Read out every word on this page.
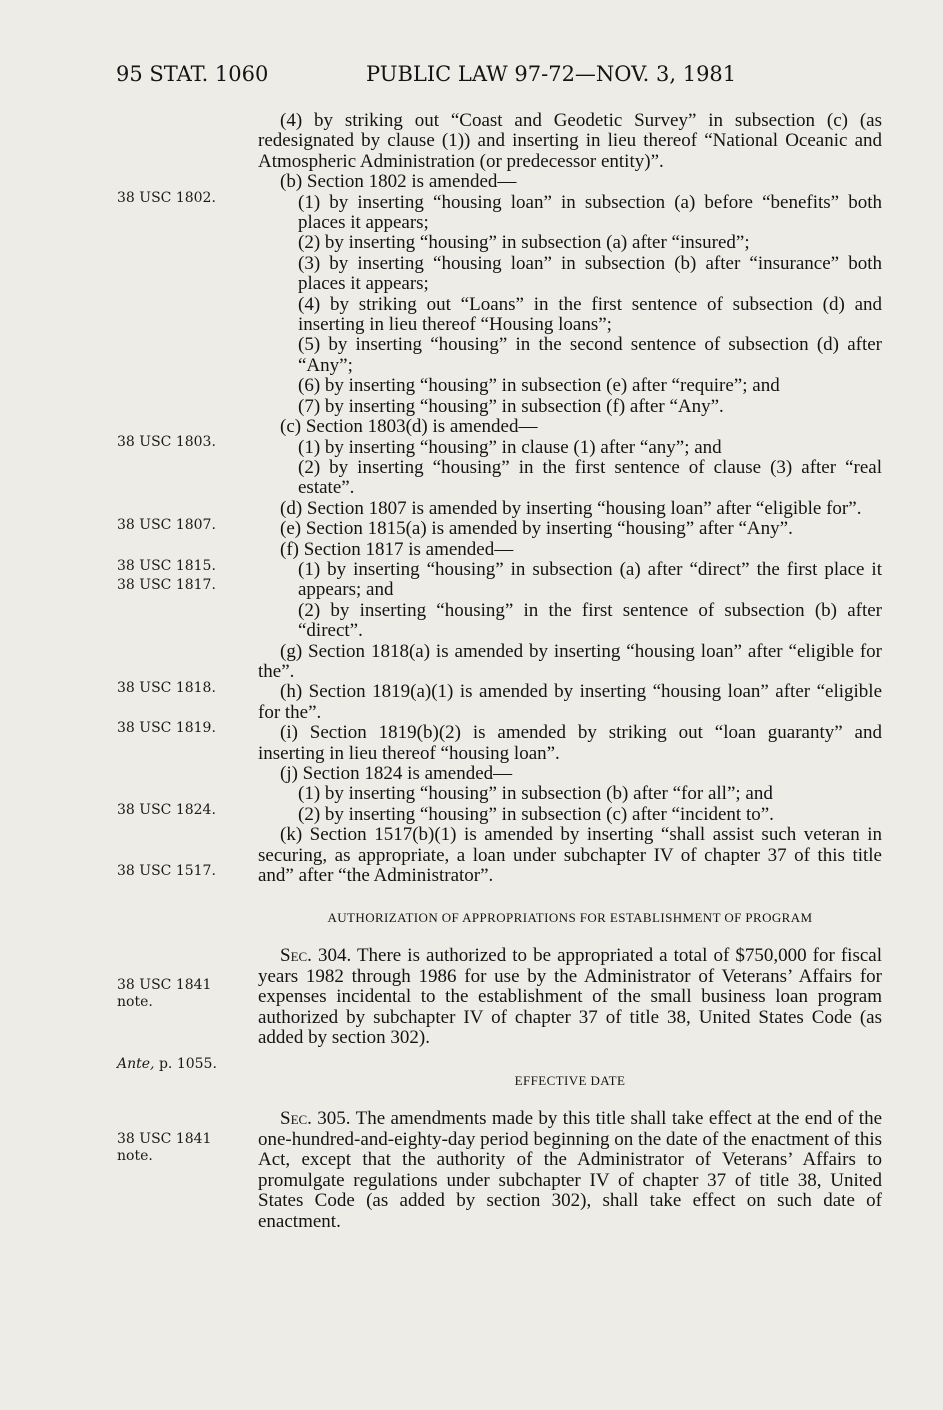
95 STAT. 1060	PUBLIC LAW 97-72—NOV. 3, 1981
38 USC 1802.
38 USC 1803.
38 USC 1807.
38 USC 1815.
38 USC 1817.
38 USC 1818.
38 USC 1819.
38 USC 1824.
38 USC 1517.
38 USC 1841
note.
Ante, p. 1055.
38 USC 1841
note.

(4) by striking out “Coast and Geodetic Survey” in subsection (c) (as redesignated by clause (1)) and inserting in lieu thereof “National Oceanic and Atmospheric Administration (or predecessor entity)”.

(b) Section 1802 is amended—

(1) by inserting “housing loan” in subsection (a) before “benefits” both places it appears;

(2) by inserting “housing” in subsection (a) after “insured”;

(3) by inserting “housing loan” in subsection (b) after “insurance” both places it appears;

(4) by striking out “Loans” in the first sentence of subsection (d) and inserting in lieu thereof “Housing loans”;

(5) by inserting “housing” in the second sentence of subsection (d) after “Any”;

(6) by inserting “housing” in subsection (e) after “require”; and

(7) by inserting “housing” in subsection (f) after “Any”.

(c) Section 1803(d) is amended—

(1) by inserting “housing” in clause (1) after “any”; and

(2) by inserting “housing” in the first sentence of clause (3) after “real estate”.

(d) Section 1807 is amended by inserting “housing loan” after “eligible for”.

(e) Section 1815(a) is amended by inserting “housing” after “Any”.

(f) Section 1817 is amended—

(1) by inserting “housing” in subsection (a) after “direct” the first place it appears; and

(2) by inserting “housing” in the first sentence of subsection (b) after “direct”.

(g) Section 1818(a) is amended by inserting “housing loan” after “eligible for the”.

(h) Section 1819(a)(1) is amended by inserting “housing loan” after “eligible for the”.

(i) Section 1819(b)(2) is amended by striking out “loan guaranty” and inserting in lieu thereof “housing loan”.

(j) Section 1824 is amended—

(1) by inserting “housing” in subsection (b) after “for all”; and

(2) by inserting “housing” in subsection (c) after “incident to”.

(k) Section 1517(b)(1) is amended by inserting “shall assist such veteran in securing, as appropriate, a loan under subchapter IV of chapter 37 of this title and” after “the Administrator”.

AUTHORIZATION OF APPROPRIATIONS FOR ESTABLISHMENT OF PROGRAM

Sec. 304. There is authorized to be appropriated a total of $750,000 for fiscal years 1982 through 1986 for use by the Administrator of Veterans’ Affairs for expenses incidental to the establishment of the small business loan program authorized by subchapter IV of chapter 37 of title 38, United States Code (as added by section 302).

EFFECTIVE DATE

Sec. 305. The amendments made by this title shall take effect at the end of the one-hundred-and-eighty-day period beginning on the date of the enactment of this Act, except that the authority of the Administrator of Veterans’ Affairs to promulgate regulations under subchapter IV of chapter 37 of title 38, United States Code (as added by section 302), shall take effect on such date of enactment.
